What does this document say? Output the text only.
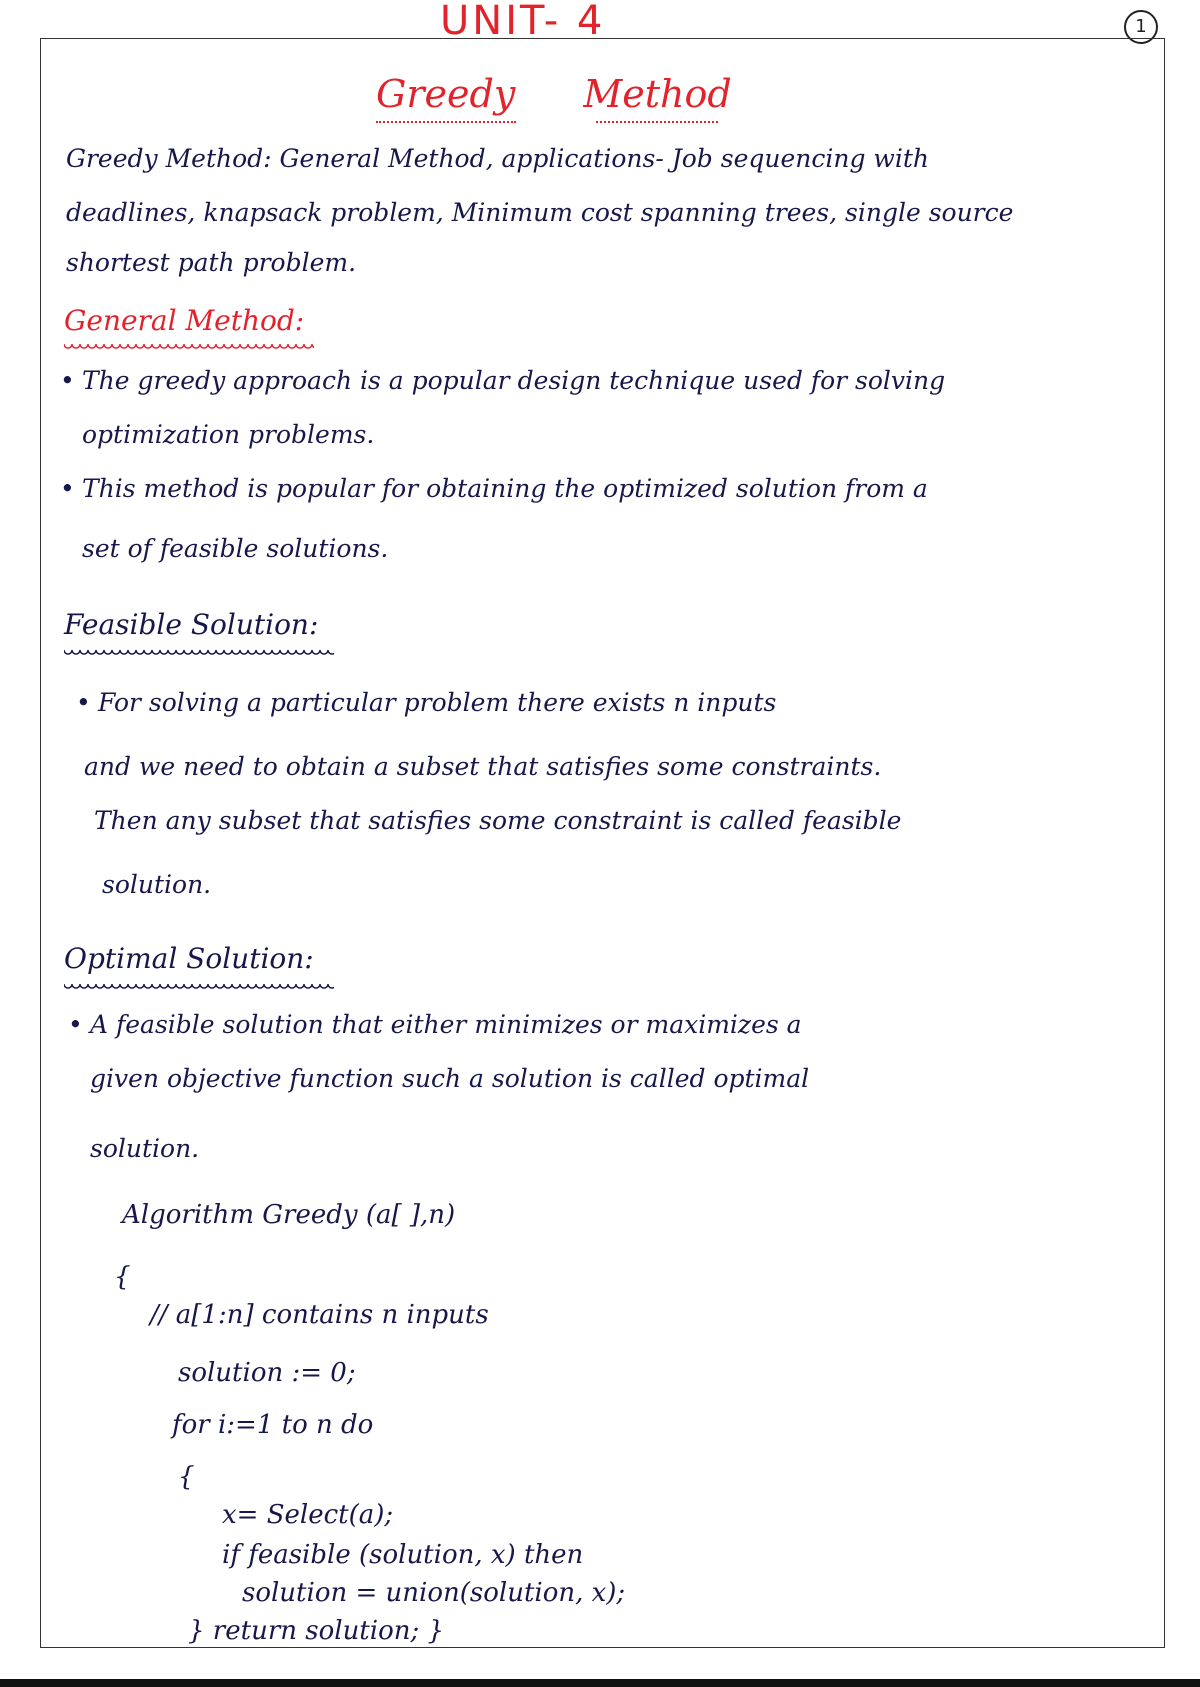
UNIT- 4	1
Greedy Method
Greedy Method: General Method, applications- Job sequencing with
deadlines, knapsack problem, Minimum cost spanning trees, single source
shortest path problem.
General Method:
• The greedy approach is a popular design technique used for solving
optimization problems.
• This method is popular for obtaining the optimized solution from a
set of feasible solutions.
Feasible Solution:
• For solving a particular problem there exists n inputs
and we need to obtain a subset that satisfies some constraints.
Then any subset that satisfies some constraint is called feasible
solution.
Optimal Solution:
• A feasible solution that either minimizes or maximizes a
given objective function such a solution is called optimal
solution.
Algorithm Greedy (a[ ],n)
{
// a[1:n] contains n inputs
solution := 0;
for i:=1 to n do
{
x= Select(a);
if feasible (solution, x) then
solution = union(solution, x);
} return solution; }
